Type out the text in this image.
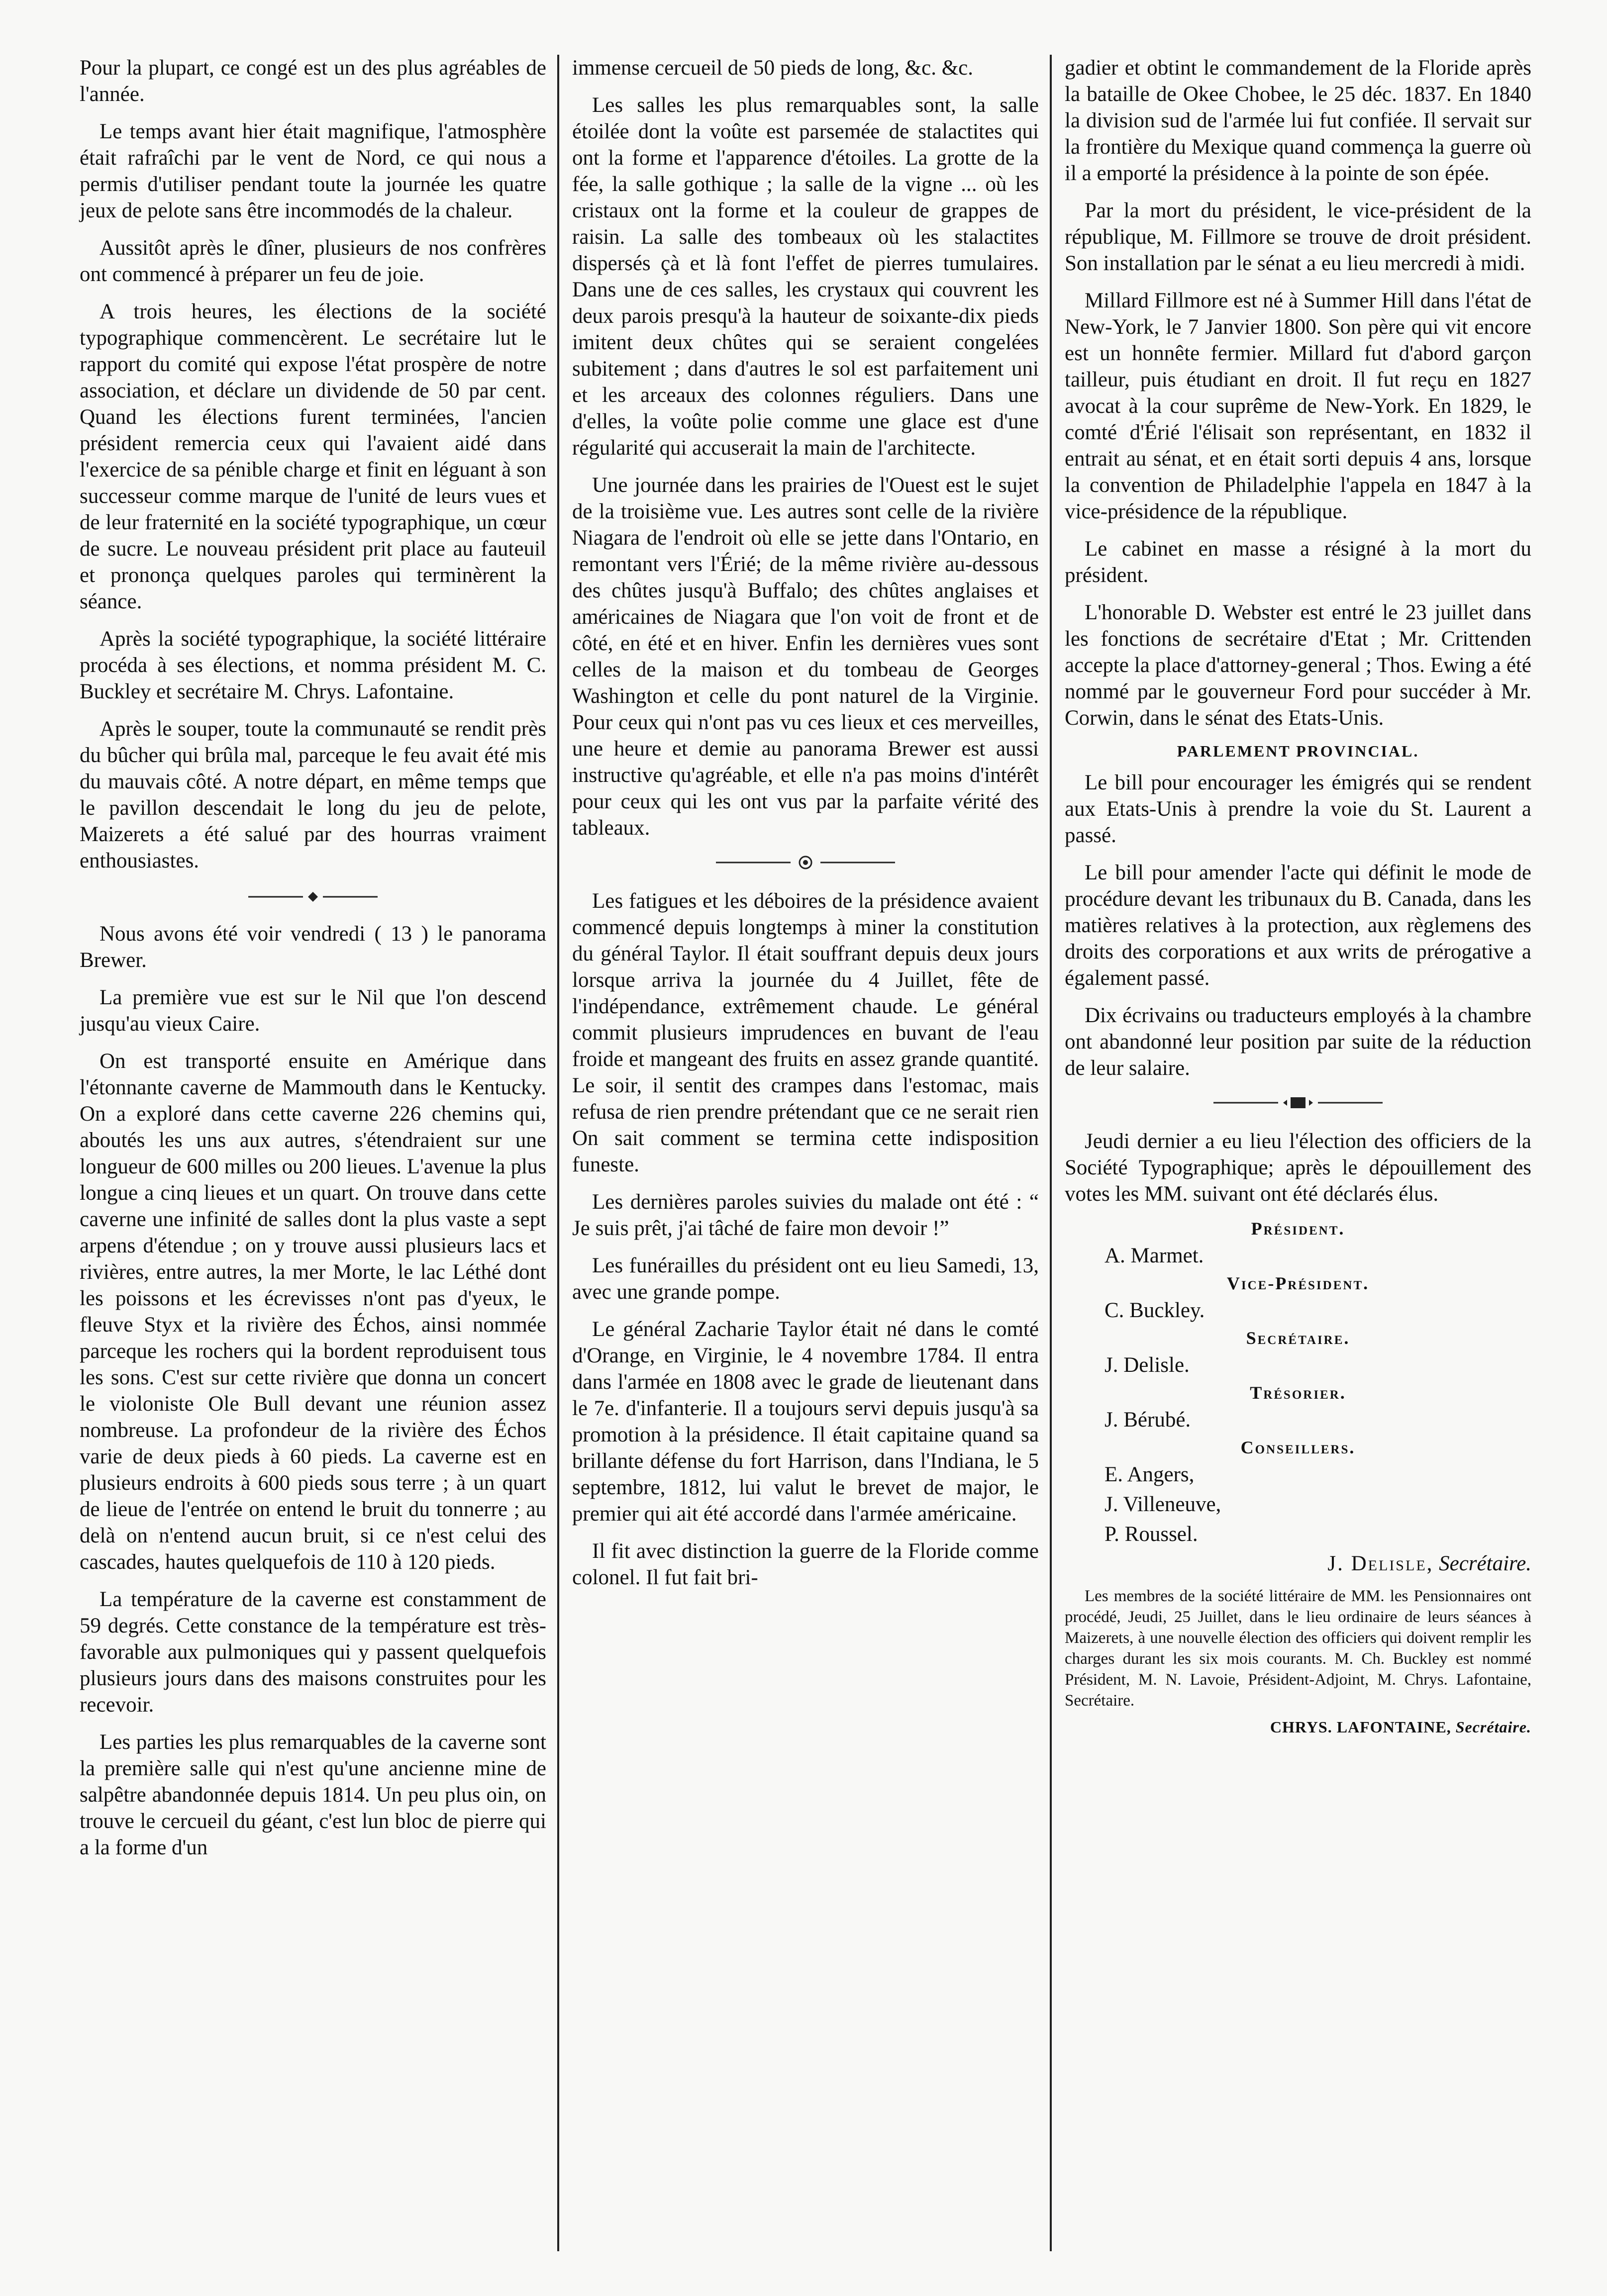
Pour la plupart, ce congé est un des plus agréables de l'année.

Le temps avant hier était magnifique, l'atmosphère était rafraîchi par le vent de Nord, ce qui nous a permis d'utiliser pendant toute la journée les quatre jeux de pelote sans être incommodés de la chaleur.

Aussitôt après le dîner, plusieurs de nos confrères ont commencé à préparer un feu de joie.

A trois heures, les élections de la société typographique commencèrent. Le secrétaire lut le rapport du comité qui expose l'état prospère de notre association, et déclare un dividende de 50 par cent. Quand les élections furent terminées, l'ancien président remercia ceux qui l'avaient aidé dans l'exercice de sa pénible charge et finit en léguant à son successeur comme marque de l'unité de leurs vues et de leur fraternité en la société typographique, un cœur de sucre. Le nouveau président prit place au fauteuil et prononça quelques paroles qui terminèrent la séance.

Après la société typographique, la société littéraire procéda à ses élections, et nomma président M. C. Buckley et secrétaire M. Chrys. Lafontaine.

Après le souper, toute la communauté se rendit près du bûcher qui brûla mal, parceque le feu avait été mis du mauvais côté. A notre départ, en même temps que le pavillon descendait le long du jeu de pelote, Maizerets a été salué par des hourras vraiment enthousiastes.

Nous avons été voir vendredi ( 13 ) le panorama Brewer.

La première vue est sur le Nil que l'on descend jusqu'au vieux Caire.

On est transporté ensuite en Amérique dans l'étonnante caverne de Mammouth dans le Kentucky. On a exploré dans cette caverne 226 chemins qui, aboutés les uns aux autres, s'étendraient sur une longueur de 600 milles ou 200 lieues. L'avenue la plus longue a cinq lieues et un quart. On trouve dans cette caverne une infinité de salles dont la plus vaste a sept arpens d'étendue ; on y trouve aussi plusieurs lacs et rivières, entre autres, la mer Morte, le lac Léthé dont les poissons et les écrevisses n'ont pas d'yeux, le fleuve Styx et la rivière des Échos, ainsi nommée parceque les rochers qui la bordent reproduisent tous les sons. C'est sur cette rivière que donna un concert le violoniste Ole Bull devant une réunion assez nombreuse. La profondeur de la rivière des Échos varie de deux pieds à 60 pieds. La caverne est en plusieurs endroits à 600 pieds sous terre ; à un quart de lieue de l'entrée on entend le bruit du tonnerre ; au delà on n'entend aucun bruit, si ce n'est celui des cascades, hautes quelquefois de 110 à 120 pieds.

La température de la caverne est constamment de 59 degrés. Cette constance de la température est très-favorable aux pulmoniques qui y passent quelquefois plusieurs jours dans des maisons construites pour les recevoir.

Les parties les plus remarquables de la caverne sont la première salle qui n'est qu'une ancienne mine de salpêtre abandonnée depuis 1814. Un peu plus oin, on trouve le cercueil du géant, c'est lun bloc de pierre qui a la forme d'un

immense cercueil de 50 pieds de long, &c. &c.

Les salles les plus remarquables sont, la salle étoilée dont la voûte est parsemée de stalactites qui ont la forme et l'apparence d'étoiles. La grotte de la fée, la salle gothique ; la salle de la vigne ... où les cristaux ont la forme et la couleur de grappes de raisin. La salle des tombeaux où les stalactites dispersés çà et là font l'effet de pierres tumulaires. Dans une de ces salles, les crystaux qui couvrent les deux parois presqu'à la hauteur de soixante-dix pieds imitent deux chûtes qui se seraient congelées subitement ; dans d'autres le sol est parfaitement uni et les arceaux des colonnes réguliers. Dans une d'elles, la voûte polie comme une glace est d'une régularité qui accuserait la main de l'architecte.

Une journée dans les prairies de l'Ouest est le sujet de la troisième vue. Les autres sont celle de la rivière Niagara de l'endroit où elle se jette dans l'Ontario, en remontant vers l'Érié; de la même rivière au-dessous des chûtes jusqu'à Buffalo; des chûtes anglaises et américaines de Niagara que l'on voit de front et de côté, en été et en hiver. Enfin les dernières vues sont celles de la maison et du tombeau de Georges Washington et celle du pont naturel de la Virginie. Pour ceux qui n'ont pas vu ces lieux et ces merveilles, une heure et demie au panorama Brewer est aussi instructive qu'agréable, et elle n'a pas moins d'intérêt pour ceux qui les ont vus par la parfaite vérité des tableaux.

Les fatigues et les déboires de la présidence avaient commencé depuis longtemps à miner la constitution du général Taylor. Il était souffrant depuis deux jours lorsque arriva la journée du 4 Juillet, fête de l'indépendance, extrêmement chaude. Le général commit plusieurs imprudences en buvant de l'eau froide et mangeant des fruits en assez grande quantité. Le soir, il sentit des crampes dans l'estomac, mais refusa de rien prendre prétendant que ce ne serait rien On sait comment se termina cette indisposition funeste.

Les dernières paroles suivies du malade ont été : “ Je suis prêt, j'ai tâché de faire mon devoir !”

Les funérailles du président ont eu lieu Samedi, 13, avec une grande pompe.

Le général Zacharie Taylor était né dans le comté d'Orange, en Virginie, le 4 novembre 1784. Il entra dans l'armée en 1808 avec le grade de lieutenant dans le 7e. d'infanterie. Il a toujours servi depuis jusqu'à sa promotion à la présidence. Il était capitaine quand sa brillante défense du fort Harrison, dans l'Indiana, le 5 septembre, 1812, lui valut le brevet de major, le premier qui ait été accordé dans l'armée américaine.

Il fit avec distinction la guerre de la Floride comme colonel. Il fut fait bri-

gadier et obtint le commandement de la Floride après la bataille de Okee Chobee, le 25 déc. 1837. En 1840 la division sud de l'armée lui fut confiée. Il servait sur la frontière du Mexique quand commença la guerre où il a emporté la présidence à la pointe de son épée.

Par la mort du président, le vice-président de la république, M. Fillmore se trouve de droit président. Son installation par le sénat a eu lieu mercredi à midi.

Millard Fillmore est né à Summer Hill dans l'état de New-York, le 7 Janvier 1800. Son père qui vit encore est un honnête fermier. Millard fut d'abord garçon tailleur, puis étudiant en droit. Il fut reçu en 1827 avocat à la cour suprême de New-York. En 1829, le comté d'Érié l'élisait son représentant, en 1832 il entrait au sénat, et en était sorti depuis 4 ans, lorsque la convention de Philadelphie l'appela en 1847 à la vice-présidence de la république.

Le cabinet en masse a résigné à la mort du président.

L'honorable D. Webster est entré le 23 juillet dans les fonctions de secrétaire d'Etat ; Mr. Crittenden accepte la place d'attorney-general ; Thos. Ewing a été nommé par le gouverneur Ford pour succéder à Mr. Corwin, dans le sénat des Etats-Unis.

PARLEMENT PROVINCIAL.

Le bill pour encourager les émigrés qui se rendent aux Etats-Unis à prendre la voie du St. Laurent a passé.

Le bill pour amender l'acte qui définit le mode de procédure devant les tribunaux du B. Canada, dans les matières relatives à la protection, aux règlemens des droits des corporations et aux writs de prérogative a également passé.

Dix écrivains ou traducteurs employés à la chambre ont abandonné leur position par suite de la réduction de leur salaire.

Jeudi dernier a eu lieu l'élection des officiers de la Société Typographique; après le dépouillement des votes les MM. suivant ont été déclarés élus.

Président.
A. Marmet.
Vice-Président.
C. Buckley.
Secrétaire.
J. Delisle.
Trésorier.
J. Bérubé.
Conseillers.
E. Angers,
J. Villeneuve,
P. Roussel.
J. Delisle, Secrétaire.

Les membres de la société littéraire de MM. les Pensionnaires ont procédé, Jeudi, 25 Juillet, dans le lieu ordinaire de leurs séances à Maizerets, à une nouvelle élection des officiers qui doivent remplir les charges durant les six mois courants. M. Ch. Buckley est nommé Président, M. N. Lavoie, Président-Adjoint, M. Chrys. Lafontaine, Secrétaire.

CHRYS. LAFONTAINE, Secrétaire.
